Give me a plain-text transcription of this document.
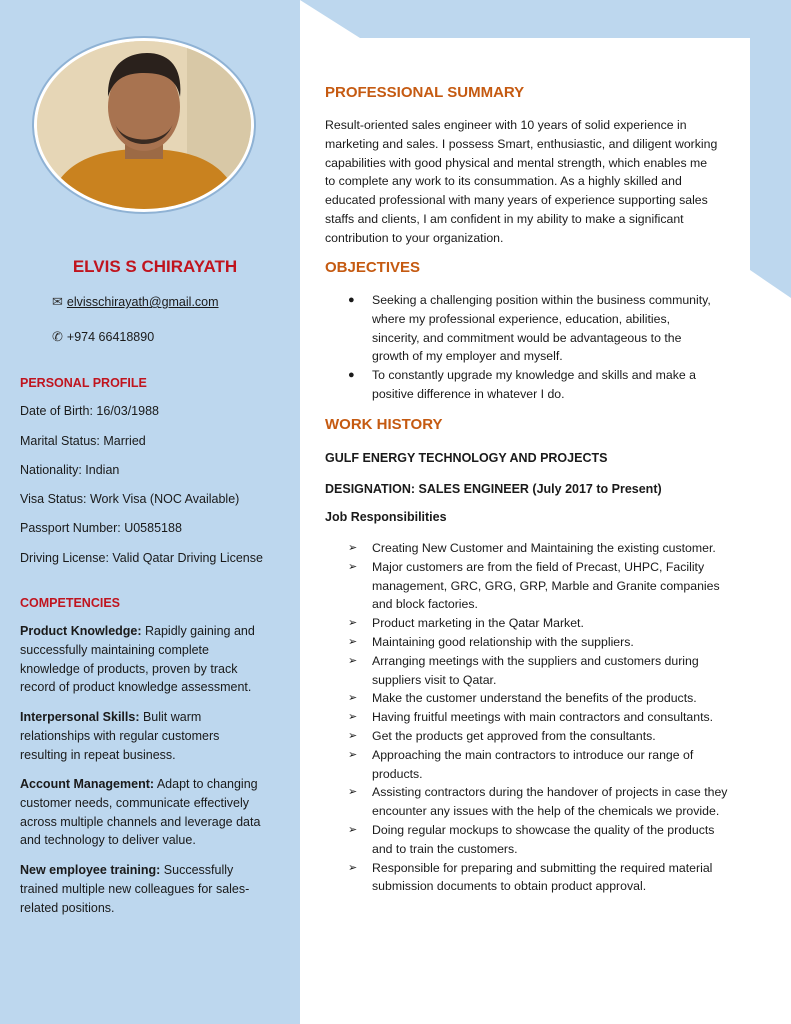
ELVIS S CHIRAYATH
✉ elvisschirayath@gmail.com
✆ +974 66418890
PERSONAL PROFILE
Date of Birth: 16/03/1988
Marital Status: Married
Nationality: Indian
Visa Status: Work Visa (NOC Available)
Passport Number: U0585188
Driving License: Valid Qatar Driving License
COMPETENCIES
Product Knowledge: Rapidly gaining and successfully maintaining complete knowledge of products, proven by track record of product knowledge assessment.
Interpersonal Skills: Bulit warm relationships with regular customers resulting in repeat business.
Account Management: Adapt to changing customer needs, communicate effectively across multiple channels and leverage data and technology to deliver value.
New employee training: Successfully trained multiple new colleagues for sales-related positions.
PROFESSIONAL SUMMARY
Result-oriented sales engineer with 10 years of solid experience in marketing and sales. I possess Smart, enthusiastic, and diligent working capabilities with good physical and mental strength, which enables me to complete any work to its consummation. As a highly skilled and educated professional with many years of experience supporting sales staffs and clients, I am confident in my ability to make a significant contribution to your organization.
OBJECTIVES
● Seeking a challenging position within the business community, where my professional experience, education, abilities, sincerity, and commitment would be advantageous to the growth of my employer and myself.
● To constantly upgrade my knowledge and skills and make a positive difference in whatever I do.
WORK HISTORY
GULF ENERGY TECHNOLOGY AND PROJECTS
DESIGNATION: SALES ENGINEER (July 2017 to Present)
Job Responsibilities
➢ Creating New Customer and Maintaining the existing customer.
➢ Major customers are from the field of Precast, UHPC, Facility management, GRC, GRG, GRP, Marble and Granite companies and block factories.
➢ Product marketing in the Qatar Market.
➢ Maintaining good relationship with the suppliers.
➢ Arranging meetings with the suppliers and customers during suppliers visit to Qatar.
➢ Make the customer understand the benefits of the products.
➢ Having fruitful meetings with main contractors and consultants.
➢ Get the products get approved from the consultants.
➢ Approaching the main contractors to introduce our range of products.
➢ Assisting contractors during the handover of projects in case they encounter any issues with the help of the chemicals we provide.
➢ Doing regular mockups to showcase the quality of the products and to train the customers.
➢ Responsible for preparing and submitting the required material submission documents to obtain product approval.
